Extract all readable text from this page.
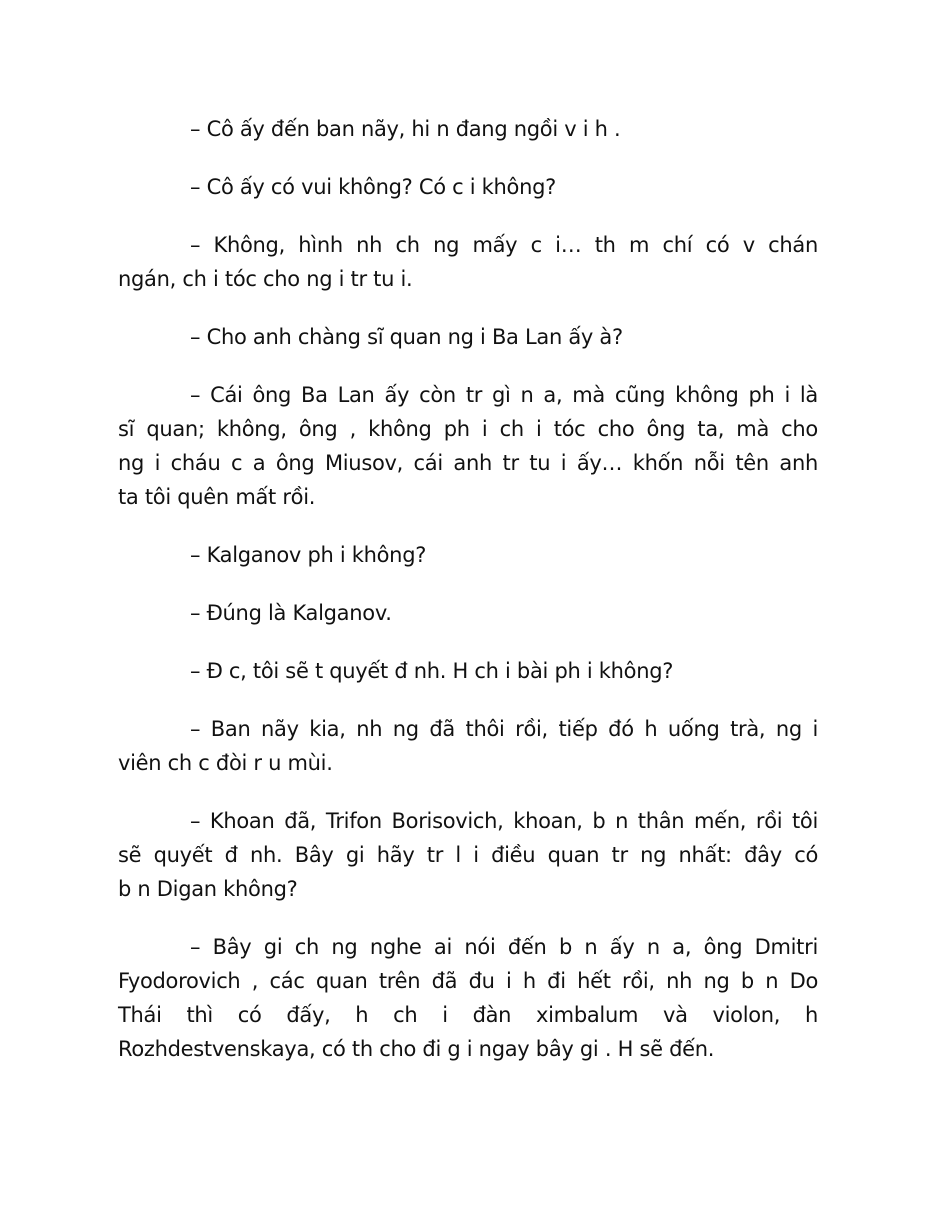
– Cô ấy đến ban nãy, hi n đang ngồi v i h .
– Cô ấy có vui không? Có c i không?
– Không, hình nh ch ng mấy c i… th m chí có v chán
ngán, ch i tóc cho ng i tr tu i.
– Cho anh chàng sĩ quan ng i Ba Lan ấy à?
– Cái ông Ba Lan ấy còn tr gì n a, mà cũng không ph i là
sĩ quan; không, ông , không ph i ch i tóc cho ông ta, mà cho
ng i cháu c a ông Miusov, cái anh tr tu i ấy… khốn nỗi tên anh
ta tôi quên mất rồi.
– Kalganov ph i không?
– Đúng là Kalganov.
– Đ c, tôi sẽ t quyết đ nh. H ch i bài ph i không?
– Ban nãy kia, nh ng đã thôi rồi, tiếp đó h uống trà, ng i
viên ch c đòi r u mùi.
– Khoan đã, Trifon Borisovich, khoan, b n thân mến, rồi tôi
sẽ quyết đ nh. Bây gi hãy tr l i điều quan tr ng nhất: đây có
b n Digan không?
– Bây gi ch ng nghe ai nói đến b n ấy n a, ông Dmitri
Fyodorovich , các quan trên đã đu i h đi hết rồi, nh ng b n Do
Thái thì có đấy, h ch i đàn ximbalum và violon, h
Rozhdestvenskaya, có th cho đi g i ngay bây gi . H sẽ đến.
